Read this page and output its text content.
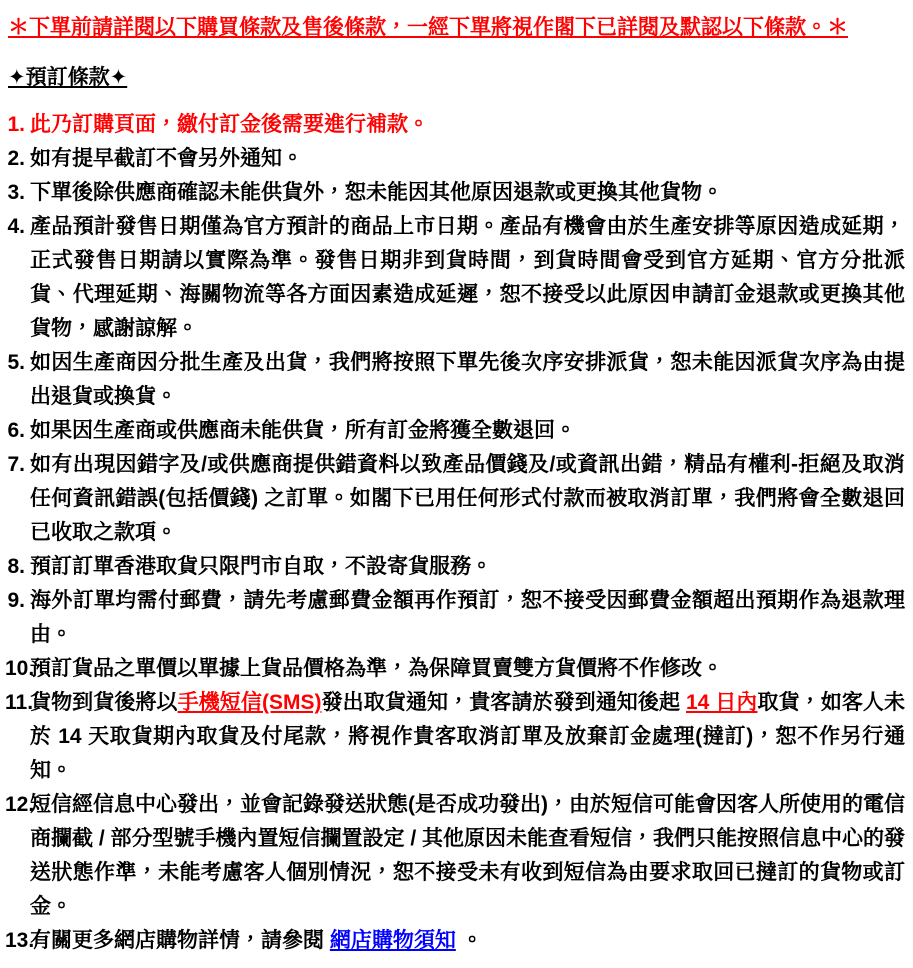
＊下單前請詳閱以下購買條款及售後條款，一經下單將視作閣下已詳閱及默認以下條款。＊

✦預訂條款✦

1. 此乃訂購頁面，繳付訂金後需要進行補款。
2. 如有提早截訂不會另外通知。
3. 下單後除供應商確認未能供貨外，恕未能因其他原因退款或更換其他貨物。
4. 產品預計發售日期僅為官方預計的商品上市日期。產品有機會由於生產安排等原因造成延期，正式發售日期請以實際為準。發售日期非到貨時間，到貨時間會受到官方延期、官方分批派貨、代理延期、海關物流等各方面因素造成延遲，恕不接受以此原因申請訂金退款或更換其他貨物，感謝諒解。
5. 如因生產商因分批生產及出貨，我們將按照下單先後次序安排派貨，恕未能因派貨次序為由提出退貨或換貨。
6. 如果因生產商或供應商未能供貨，所有訂金將獲全數退回。
7. 如有出現因錯字及/或供應商提供錯資料以致產品價錢及/或資訊出錯，精品有權利-拒絕及取消任何資訊錯誤(包括價錢) 之訂單。如閣下已用任何形式付款而被取消訂單，我們將會全數退回已收取之款項。
8. 預訂訂單香港取貨只限門市自取，不設寄貨服務。
9. 海外訂單均需付郵費，請先考慮郵費金額再作預訂，恕不接受因郵費金額超出預期作為退款理由。
10.
預訂貨品之單價以單據上貨品價格為準，為保障買賣雙方貨價將不作修改。
11.
貨物到貨後將以手機短信(SMS)發出取貨通知，貴客請於發到通知後起 14 日內取貨，如客人未於 14 天取貨期內取貨及付尾款，將視作貴客取消訂單及放棄訂金處理(撻訂)，恕不作另行通知。
12.
短信經信息中心發出，並會記錄發送狀態(是否成功發出)，由於短信可能會因客人所使用的電信商攔截 / 部分型號手機內置短信攔置設定 / 其他原因未能查看短信，我們只能按照信息中心的發送狀態作準，未能考慮客人個別情況，恕不接受未有收到短信為由要求取回已撻訂的貨物或訂金。
13.
有關更多網店購物詳情，請參閱 網店購物須知 。
